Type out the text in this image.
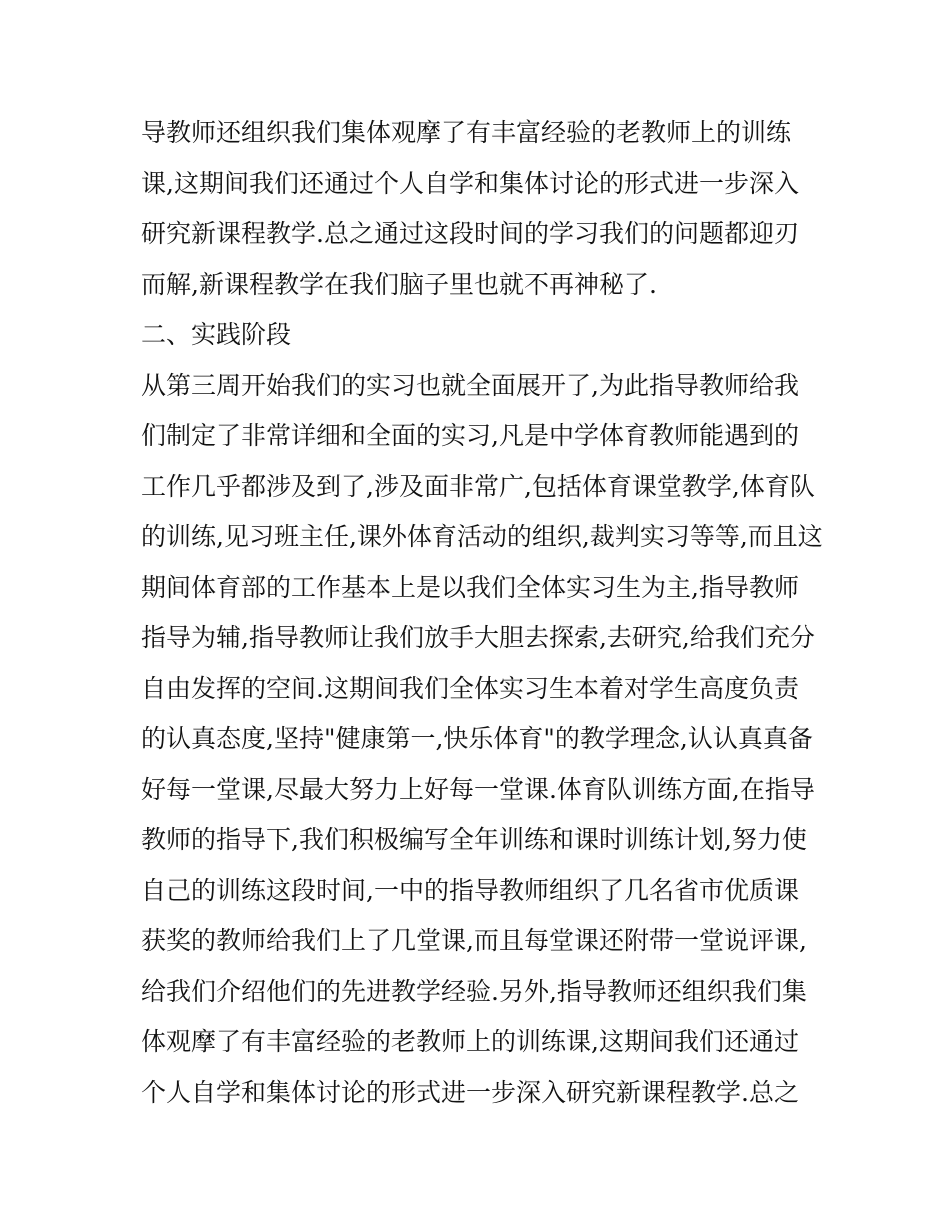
导教师还组织我们集体观摩了有丰富经验的老教师上的训练
课,这期间我们还通过个人自学和集体讨论的形式进一步深入
研究新课程教学.总之通过这段时间的学习我们的问题都迎刃
而解,新课程教学在我们脑子里也就不再神秘了.
二、实践阶段
从第三周开始我们的实习也就全面展开了,为此指导教师给我
们制定了非常详细和全面的实习,凡是中学体育教师能遇到的
工作几乎都涉及到了,涉及面非常广,包括体育课堂教学,体育队
的训练,见习班主任,课外体育活动的组织,裁判实习等等,而且这
期间体育部的工作基本上是以我们全体实习生为主,指导教师
指导为辅,指导教师让我们放手大胆去探索,去研究,给我们充分
自由发挥的空间.这期间我们全体实习生本着对学生高度负责
的认真态度,坚持"健康第一,快乐体育"的教学理念,认认真真备
好每一堂课,尽最大努力上好每一堂课.体育队训练方面,在指导
教师的指导下,我们积极编写全年训练和课时训练计划,努力使
自己的训练这段时间,一中的指导教师组织了几名省市优质课
获奖的教师给我们上了几堂课,而且每堂课还附带一堂说评课,
给我们介绍他们的先进教学经验.另外,指导教师还组织我们集
体观摩了有丰富经验的老教师上的训练课,这期间我们还通过
个人自学和集体讨论的形式进一步深入研究新课程教学.总之
